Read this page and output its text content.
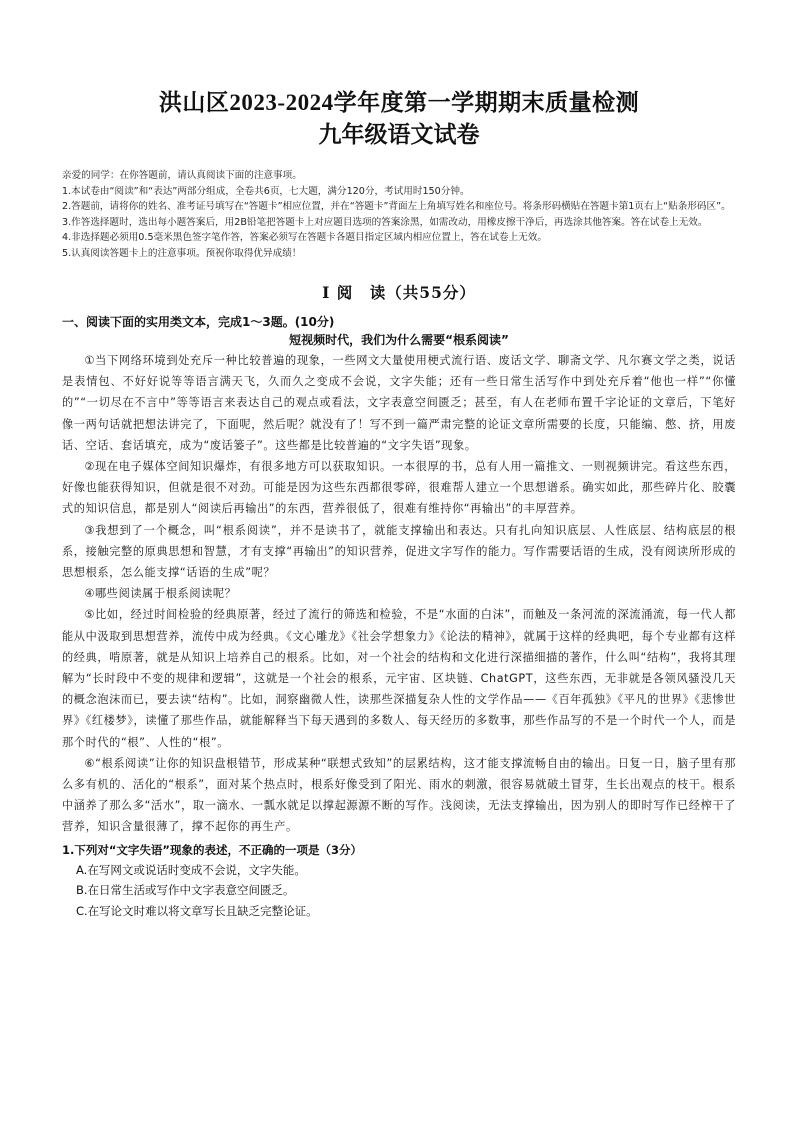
洪山区2023-2024学年度第一学期期末质量检测
九年级语文试卷
亲爱的同学：在你答题前，请认真阅读下面的注意事项。
1.本试卷由“阅读”和“表达”两部分组成，全卷共6页，七大题，满分120分，考试用时150分钟。
2.答题前，请将你的姓名、准考证号填写在“答题卡”相应位置，并在“答题卡”背面左上角填写姓名和座位号。将条形码横贴在答题卡第1页右上“贴条形码区”。
3.作答选择题时，选出每小题答案后，用2B铅笔把答题卡上对应题目选项的答案涂黑，如需改动，用橡皮擦干净后，再选涂其他答案。答在试卷上无效。
4.非选择题必须用0.5毫米黑色签字笔作答，答案必须写在答题卡各题目指定区域内相应位置上，答在试卷上无效。
5.认真阅读答题卡上的注意事项。预祝你取得优异成绩！
Ⅰ 阅　读（共55分）
一、阅读下面的实用类文本，完成1～3题。(10分)
短视频时代，我们为什么需要“根系阅读”

①当下网络环境到处充斥一种比较普遍的现象，一些网文大量使用梗式流行语、废话文学、聊斋文学、凡尔赛文学之类，说话是表情包、不好好说等等语言满天飞，久而久之变成不会说，文字失能；还有一些日常生活写作中到处充斥着“他也一样”“你懂的”“一切尽在不言中”等等语言来表达自己的观点或看法，文字表意空间匮乏；甚至，有人在老师布置千字论证的文章后，下笔好像一两句话就把想法讲完了，下面呢，然后呢？就没有了！写不到一篇严肃完整的论证文章所需要的长度，只能编、憋、挤，用废话、空话、套话填充，成为“废话篓子”。这些都是比较普遍的“文字失语”现象。

②现在电子媒体空间知识爆炸，有很多地方可以获取知识。一本很厚的书，总有人用一篇推文、一则视频讲完。看这些东西，好像也能获得知识，但就是很不对劲。可能是因为这些东西都很零碎，很难帮人建立一个思想谱系。确实如此，那些碎片化、胶囊式的知识信息，都是别人“阅读后再输出”的东西，营养很低了，很难有维持你“再输出”的丰厚营养。

③我想到了一个概念，叫“根系阅读”，并不是读书了，就能支撑输出和表达。只有扎向知识底层、人性底层、结构底层的根系，接触完整的原典思想和智慧，才有支撑“再输出”的知识营养，促进文字写作的能力。写作需要话语的生成，没有阅读所形成的思想根系，怎么能支撑“话语的生成”呢？

④哪些阅读属于根系阅读呢？

⑤比如，经过时间检验的经典原著，经过了流行的筛选和检验，不是“水面的白沫”，而触及一条河流的深流涌流，每一代人都能从中汲取到思想营养，流传中成为经典。《文心雕龙》《社会学想象力》《论法的精神》，就属于这样的经典吧，每个专业都有这样的经典，啃原著，就是从知识上培养自己的根系。比如，对一个社会的结构和文化进行深描细描的著作，什么叫“结构”，我将其理解为“长时段中不变的规律和逻辑”，这就是一个社会的根系，元宇宙、区块链、ChatGPT，这些东西，无非就是各领风骚没几天的概念泡沫而已，要去读“结构”。比如，洞察幽微人性，读那些深描复杂人性的文学作品——《百年孤独》《平凡的世界》《悲惨世界》《红楼梦》，读懂了那些作品，就能解释当下每天遇到的多数人、每天经历的多数事，那些作品写的不是一个时代一个人，而是那个时代的“根”、人性的“根”。

⑥“根系阅读”让你的知识盘根错节，形成某种“联想式致知”的层累结构，这才能支撑流畅自由的输出。日复一日，脑子里有那么多有机的、活化的“根系”，面对某个热点时，根系好像受到了阳光、雨水的刺激，很容易就破土冒芽，生长出观点的枝干。根系中涵养了那么多“活水”，取一滴水、一瓢水就足以撑起源源不断的写作。浅阅读，无法支撑输出，因为别人的即时写作已经榨干了营养，知识含量很薄了，撑不起你的再生产。

1.下列对“文字失语”现象的表述，不正确的一项是（3分）
A.在写网文或说话时变成不会说，文字失能。
B.在日常生活或写作中文字表意空间匮乏。
C.在写论文时难以将文章写长且缺乏完整论证。
